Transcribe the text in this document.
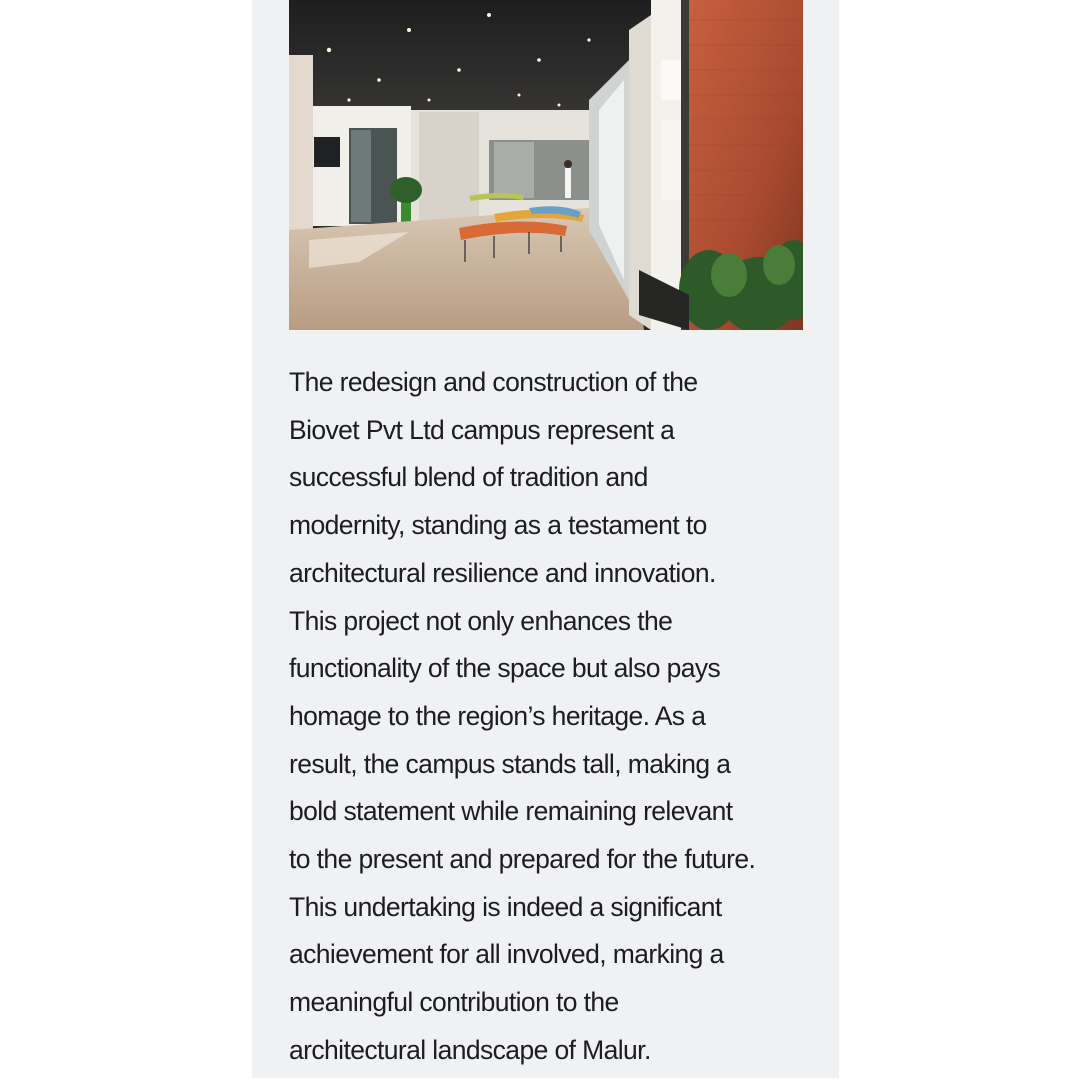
The redesign and construction of the
Biovet Pvt Ltd campus represent a
successful blend of tradition and
modernity, standing as a testament to
architectural resilience and innovation.
This project not only enhances the
functionality of the space but also pays
homage to the region’s heritage. As a
result, the campus stands tall, making a
bold statement while remaining relevant
to the present and prepared for the future.
This undertaking is indeed a significant
achievement for all involved, marking a
meaningful contribution to the
architectural landscape of Malur.
